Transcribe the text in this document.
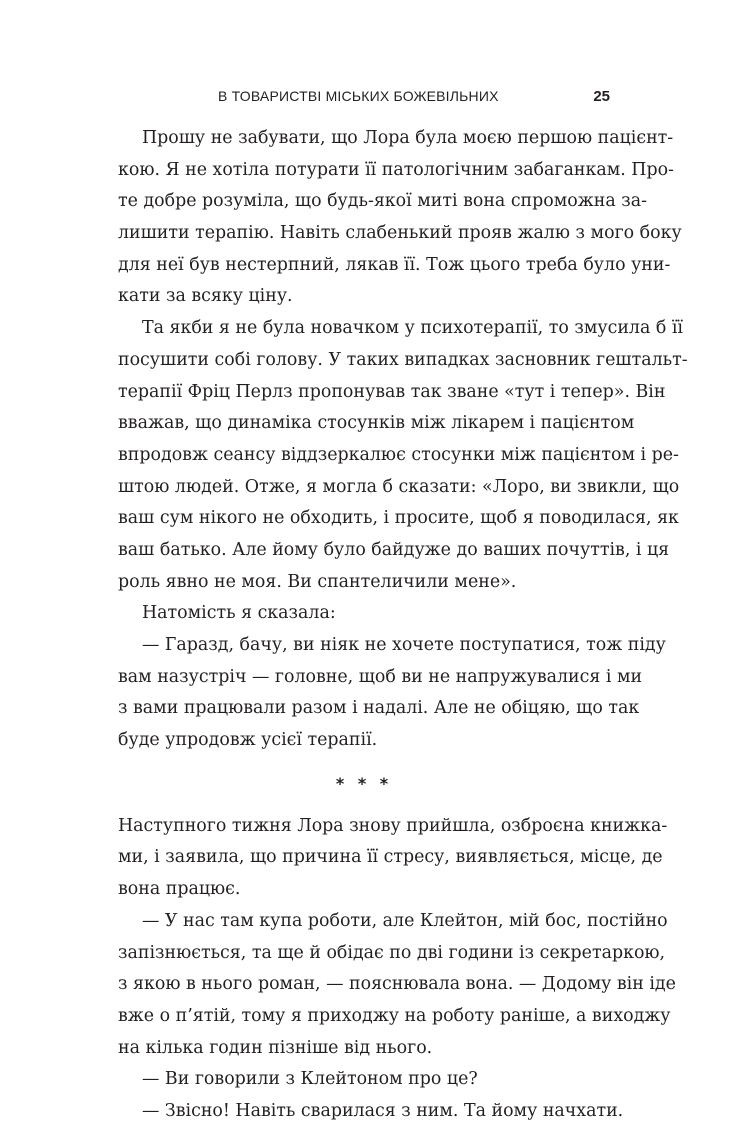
В ТОВАРИСТВІ МІСЬКИХ БОЖЕВІЛЬНИХ	25
Прошу не забувати, що Лора була моєю першою пацієнт-
кою. Я не хотіла потурати її патологічним забаганкам. Про-
те добре розуміла, що будь-якої миті вона спроможна за-
лишити терапію. Навіть слабенький прояв жалю з мого боку
для неї був нестерпний, лякав її. Тож цього треба було уни-
кати за всяку ціну.
Та якби я не була новачком у психотерапії, то змусила б її
посушити собі голову. У таких випадках засновник гештальт-
терапії Фріц Перлз пропонував так зване «тут і тепер». Він
вважав, що динаміка стосунків між лікарем і пацієнтом
впродовж сеансу віддзеркалює стосунки між пацієнтом і ре-
штою людей. Отже, я могла б сказати: «Лоро, ви звикли, що
ваш сум нікого не обходить, і просите, щоб я поводилася, як
ваш батько. Але йому було байдуже до ваших почуттів, і ця
роль явно не моя. Ви спантеличили мене».
Натомість я сказала:
— Гаразд, бачу, ви ніяк не хочете поступатися, тож піду
вам назустріч — головне, щоб ви не напружувалися і ми
з вами працювали разом і надалі. Але не обіцяю, що так
буде упродовж усієї терапії.
* * *
Наступного тижня Лора знову прийшла, озброєна книжка-
ми, і заявила, що причина її стресу, виявляється, місце, де
вона працює.
— У нас там купа роботи, але Клейтон, мій бос, постійно
запізнюється, та ще й обідає по дві години із секретаркою,
з якою в нього роман, — пояснювала вона. — Додому він іде
вже о п’ятій, тому я приходжу на роботу раніше, а виходжу
на кілька годин пізніше від нього.
— Ви говорили з Клейтоном про це?
— Звісно! Навіть сварилася з ним. Та йому начхати.
